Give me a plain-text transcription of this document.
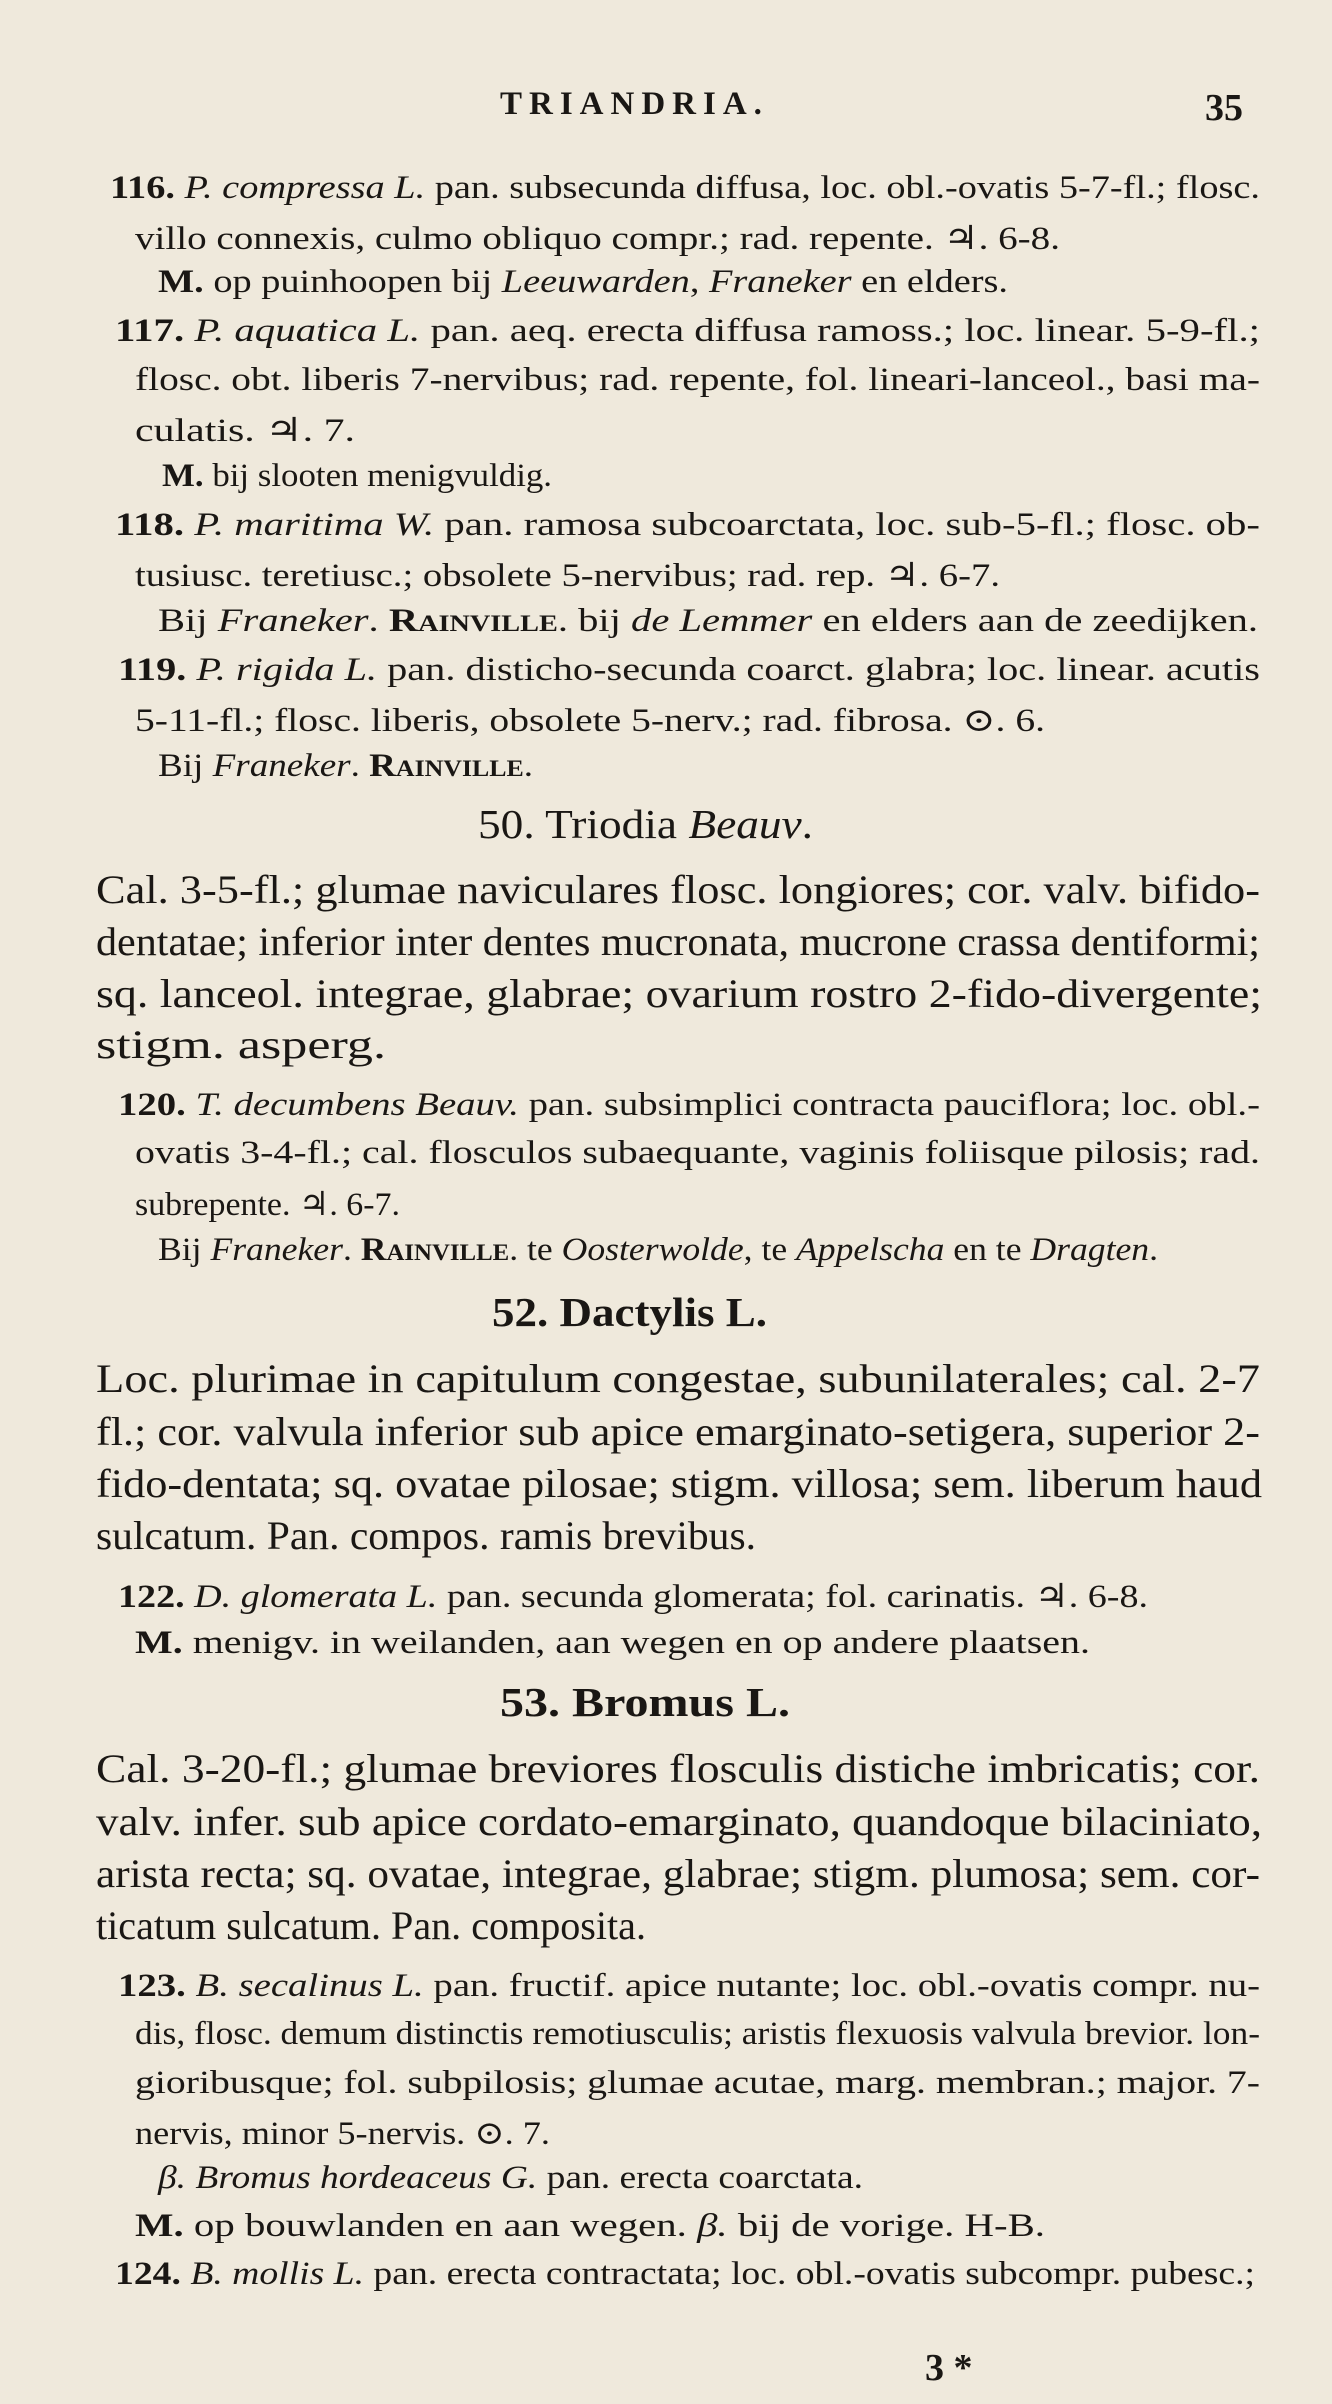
TRIANDRIA.	35
116. P. compressa L. pan. subsecunda diffusa, loc. obl.-ovatis 5-7-fl.; flosc.
villo connexis, culmo obliquo compr.; rad. repente. ♃. 6-8.
M. op puinhoopen bij Leeuwarden, Franeker en elders.
117. P. aquatica L. pan. aeq. erecta diffusa ramoss.; loc. linear. 5-9-fl.;
flosc. obt. liberis 7-nervibus; rad. repente, fol. lineari-lanceol., basi ma-
culatis. ♃. 7.
M. bij slooten menigvuldig.
118. P. maritima W. pan. ramosa subcoarctata, loc. sub-5-fl.; flosc. ob-
tusiusc. teretiusc.; obsolete 5-nervibus; rad. rep. ♃. 6-7.
Bij Franeker. Rainville. bij de Lemmer en elders aan de zeedijken.
119. P. rigida L. pan. disticho-secunda coarct. glabra; loc. linear. acutis
5-11-fl.; flosc. liberis, obsolete 5-nerv.; rad. fibrosa. ⊙. 6.
Bij Franeker. Rainville.
50. Triodia Beauv.
Cal. 3-5-fl.; glumae naviculares flosc. longiores; cor. valv. bifido-
dentatae; inferior inter dentes mucronata, mucrone crassa dentiformi;
sq. lanceol. integrae, glabrae; ovarium rostro 2-fido-divergente;
stigm. asperg.
120. T. decumbens Beauv. pan. subsimplici contracta pauciflora; loc. obl.-
ovatis 3-4-fl.; cal. flosculos subaequante, vaginis foliisque pilosis; rad.
subrepente. ♃. 6-7.
Bij Franeker. Rainville. te Oosterwolde, te Appelscha en te Dragten.
52. Dactylis L.
Loc. plurimae in capitulum congestae, subunilaterales; cal. 2-7
fl.; cor. valvula inferior sub apice emarginato-setigera, superior 2-
fido-dentata; sq. ovatae pilosae; stigm. villosa; sem. liberum haud
sulcatum. Pan. compos. ramis brevibus.
122. D. glomerata L. pan. secunda glomerata; fol. carinatis. ♃. 6-8.
M. menigv. in weilanden, aan wegen en op andere plaatsen.
53. Bromus L.
Cal. 3-20-fl.; glumae breviores flosculis distiche imbricatis; cor.
valv. infer. sub apice cordato-emarginato, quandoque bilaciniato,
arista recta; sq. ovatae, integrae, glabrae; stigm. plumosa; sem. cor-
ticatum sulcatum. Pan. composita.
123. B. secalinus L. pan. fructif. apice nutante; loc. obl.-ovatis compr. nu-
dis, flosc. demum distinctis remotiusculis; aristis flexuosis valvula brevior. lon-
gioribusque; fol. subpilosis; glumae acutae, marg. membran.; major. 7-
nervis, minor 5-nervis. ⊙. 7.
β. Bromus hordeaceus G. pan. erecta coarctata.
M. op bouwlanden en aan wegen. β. bij de vorige. H-B.
124. B. mollis L. pan. erecta contractata; loc. obl.-ovatis subcompr. pubesc.;
3 *
